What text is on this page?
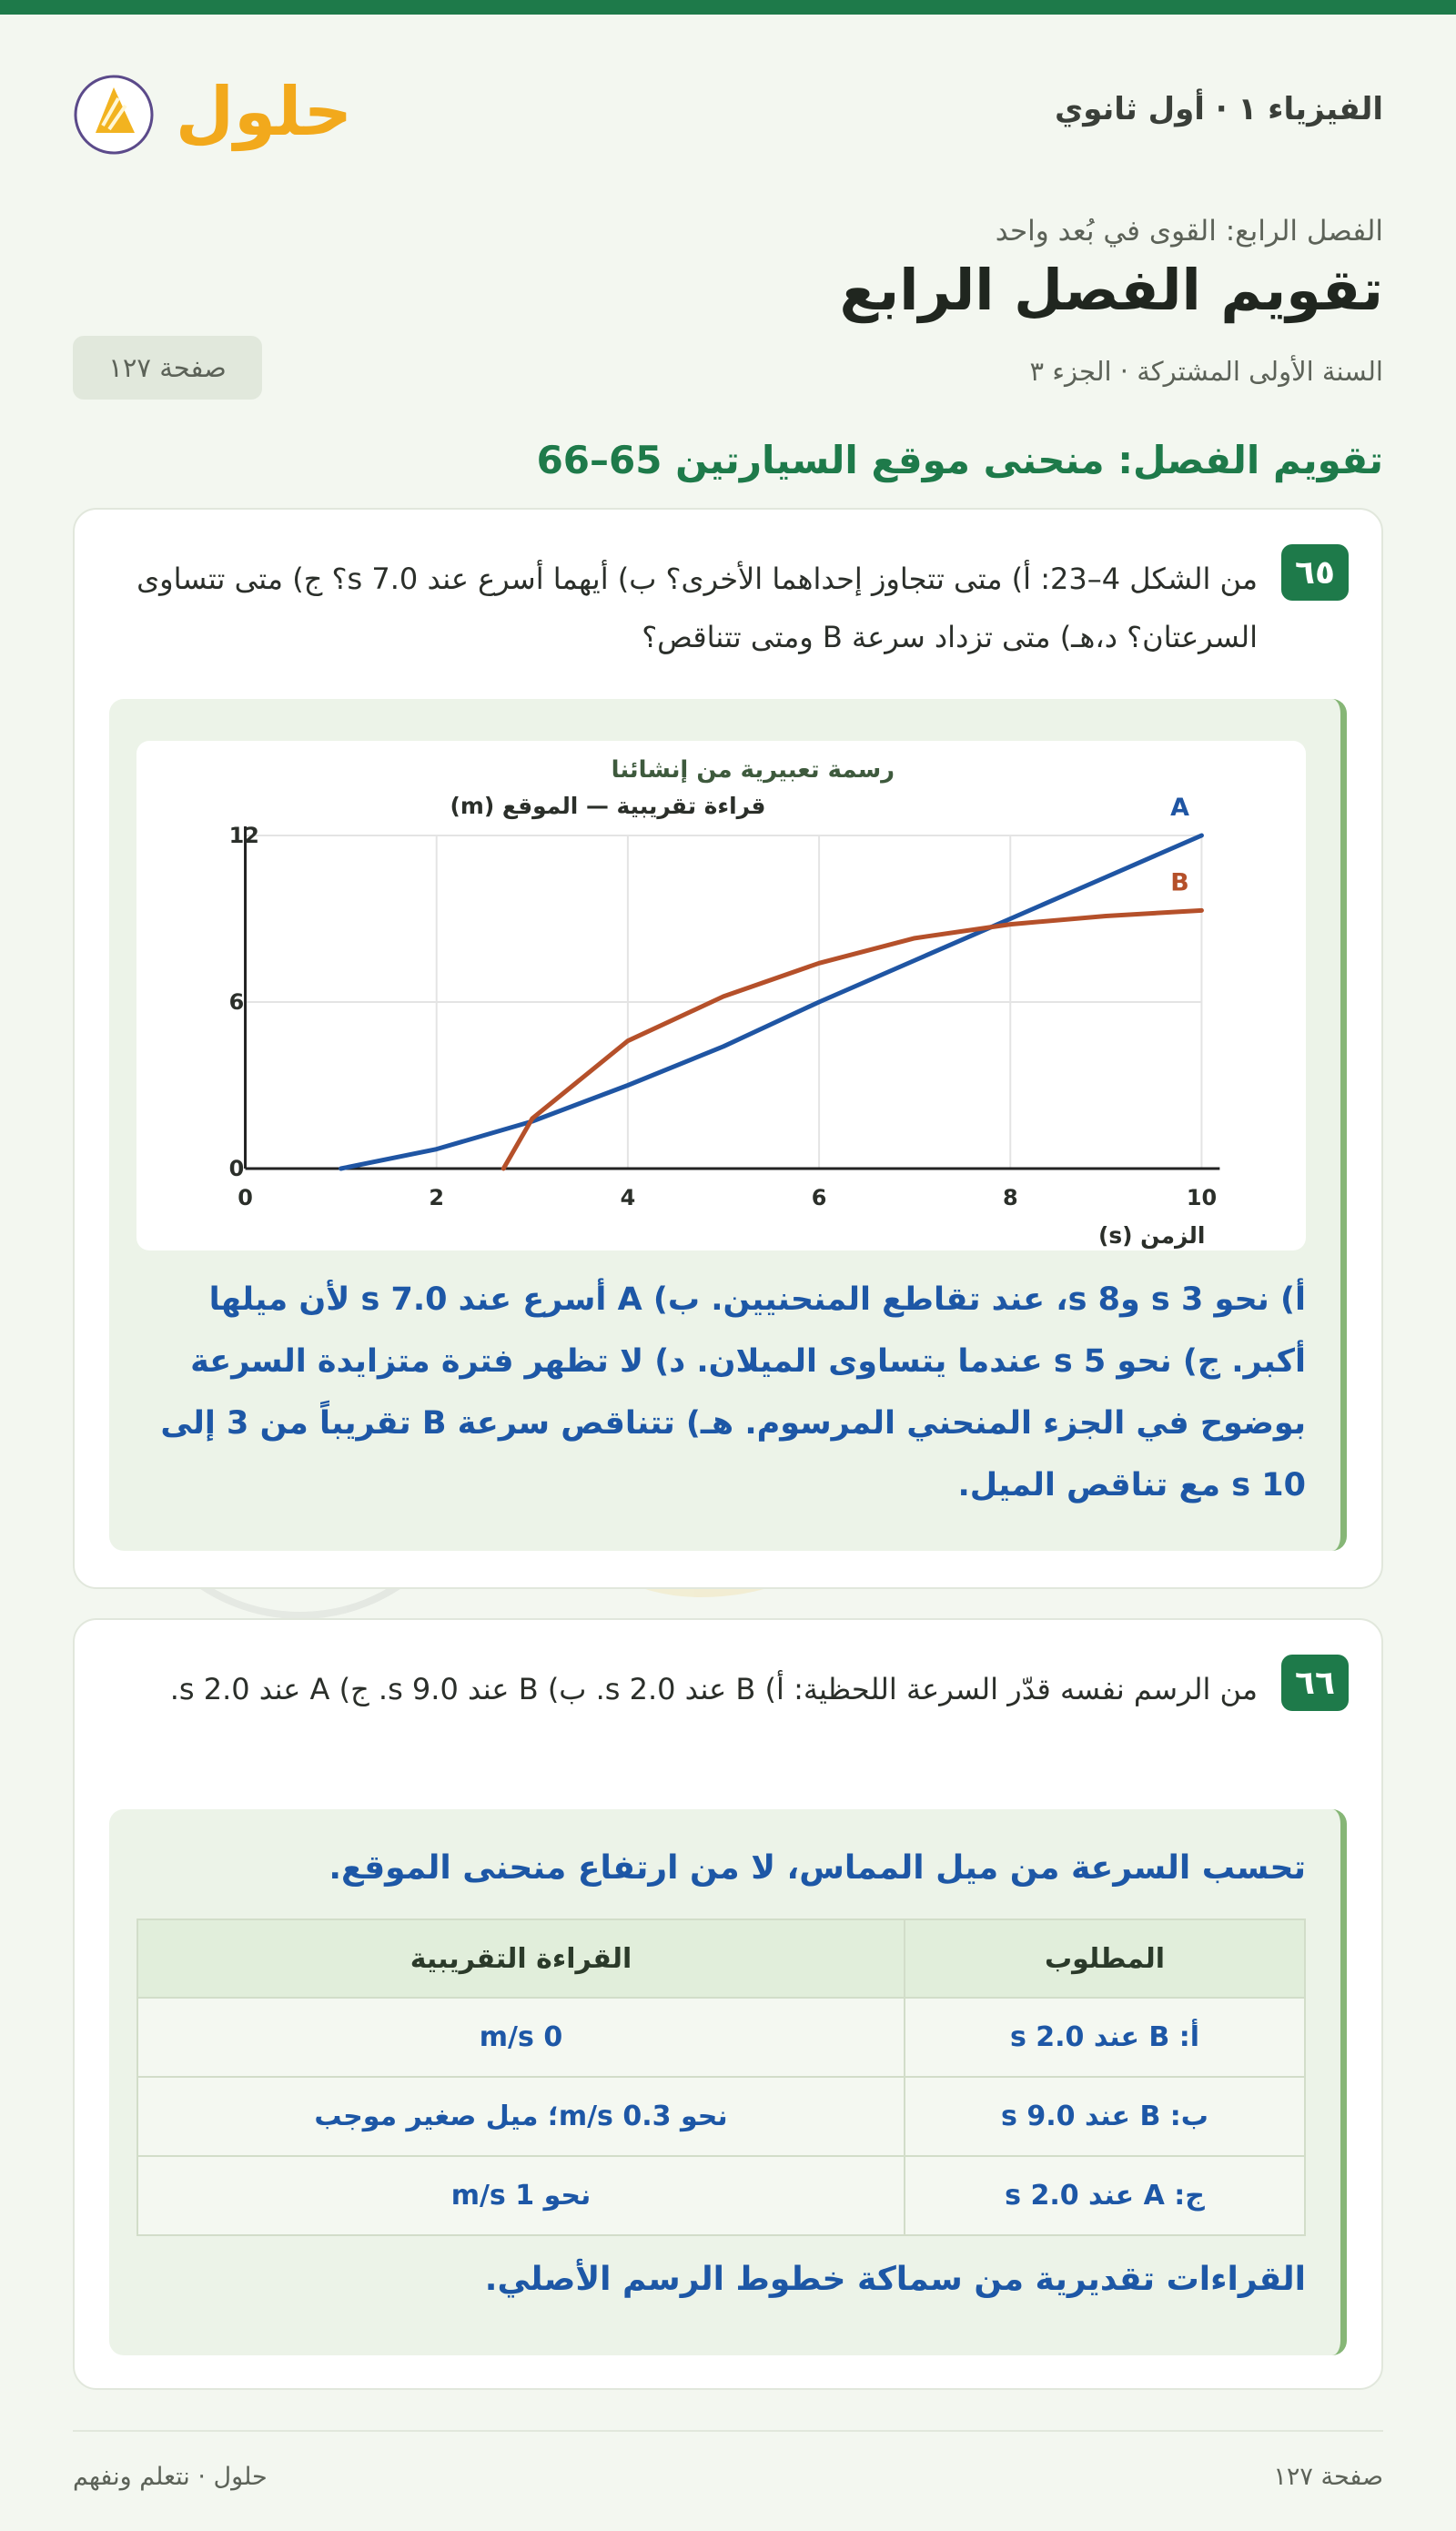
الفيزياء ١ · أول ثانوي
حلول
الفصل الرابع: القوى في بُعد واحد
تقويم الفصل الرابع
السنة الأولى المشتركة · الجزء ٣
صفحة ١٢٧
تقويم الفصل: منحنى موقع السيارتين 65–66
٦٥
من الشكل 4–23: أ) متى تتجاوز إحداهما الأخرى؟ ب) أيهما أسرع عند 7.0 s؟ ج) متى تتساوى السرعتان؟ د،هـ) متى تزداد سرعة B ومتى تتناقص؟
رسمة تعبيرية من إنشائنا
قراءة تقريبية — الموقع (m)
الزمن (s)
0	2	4	6	8	10
0
6
12
A
B
أ) نحو 3 s و8 s، عند تقاطع المنحنيين. ب) A أسرع عند 7.0 s لأن ميلها أكبر. ج) نحو 5 s عندما يتساوى الميلان. د) لا تظهر فترة متزايدة السرعة بوضوح في الجزء المنحني المرسوم. هـ) تتناقص سرعة B تقريباً من 3 إلى 10 s مع تناقص الميل.
٦٦
من الرسم نفسه قدّر السرعة اللحظية: أ) B عند 2.0 s. ب) B عند 9.0 s. ج) A عند 2.0 s.
تحسب السرعة من ميل المماس، لا من ارتفاع منحنى الموقع.
المطلوب	القراءة التقريبية
أ: B عند 2.0 s	0 m/s
ب: B عند 9.0 s	نحو 0.3 m/s؛ ميل صغير موجب
ج: A عند 2.0 s	نحو 1 m/s
القراءات تقديرية من سماكة خطوط الرسم الأصلي.
صفحة ١٢٧
حلول · نتعلم ونفهم
